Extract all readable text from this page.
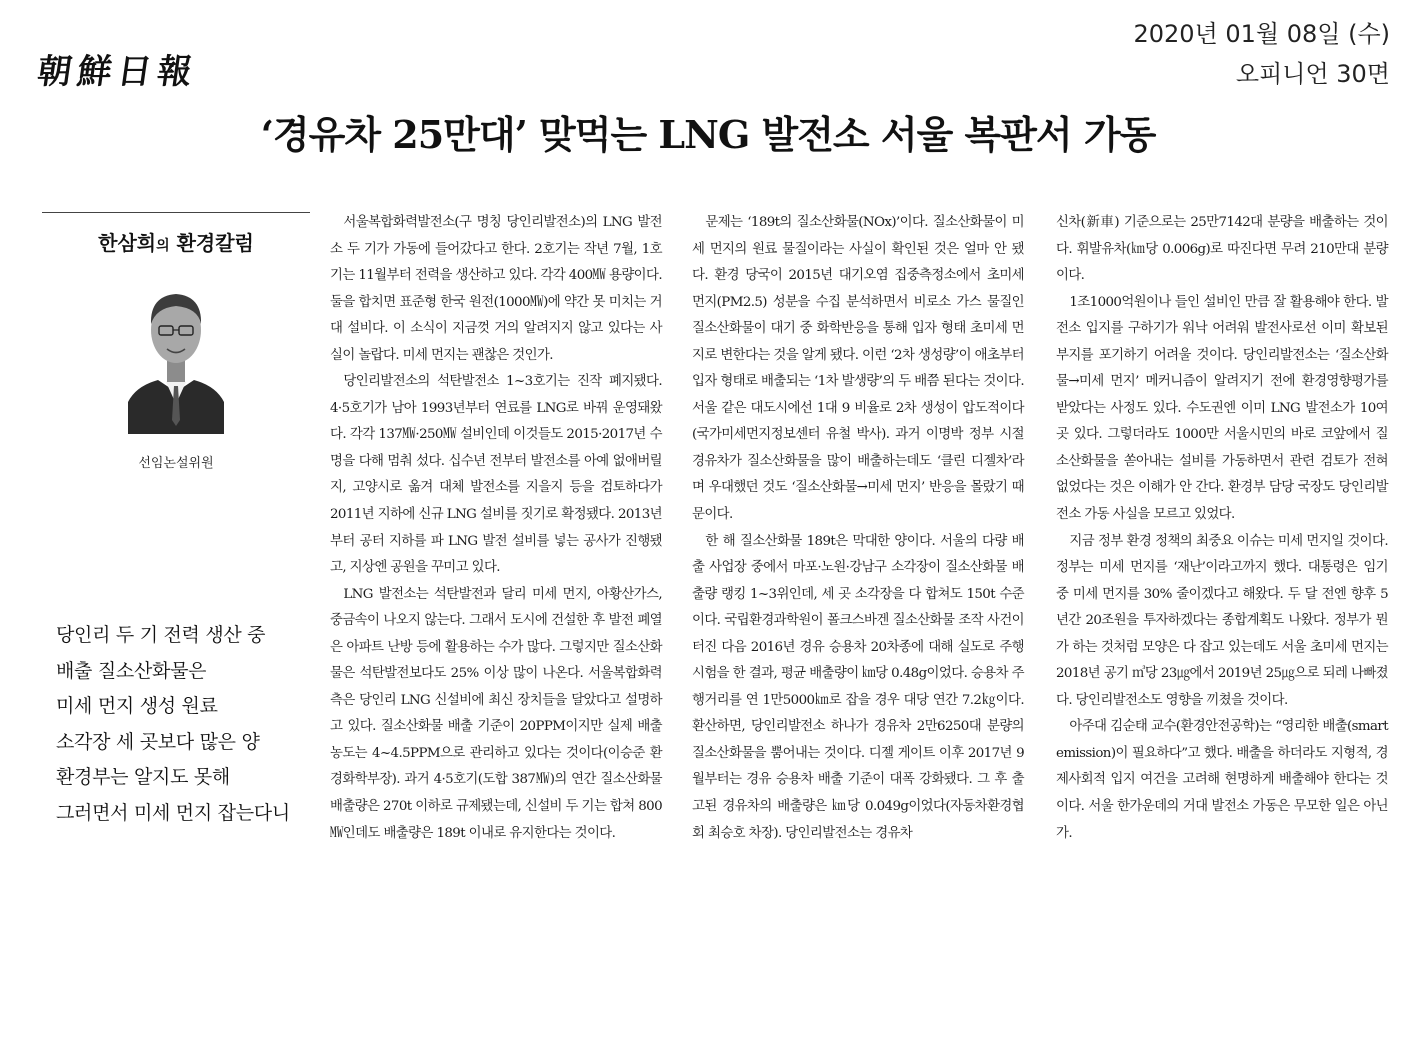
朝鮮日報
2020년 01월 08일 (수)
오피니언 30면
‘경유차 25만대’ 맞먹는 LNG 발전소 서울 복판서 가동
한삼희의 환경칼럼
선임논설위원
당인리 두 기 전력 생산 중
배출 질소산화물은
미세 먼지 생성 원료
소각장 세 곳보다 많은 양
환경부는 알지도 못해
그러면서 미세 먼지 잡는다니

서울복합화력발전소(구 명칭 당인리발전소)의 LNG 발전소 두 기가 가동에 들어갔다고 한다. 2호기는 작년 7월, 1호기는 11월부터 전력을 생산하고 있다. 각각 400㎿ 용량이다. 둘을 합치면 표준형 한국 원전(1000㎿)에 약간 못 미치는 거대 설비다. 이 소식이 지금껏 거의 알려지지 않고 있다는 사실이 놀랍다. 미세 먼지는 괜찮은 것인가.

당인리발전소의 석탄발전소 1~3호기는 진작 폐지됐다. 4·5호기가 남아 1993년부터 연료를 LNG로 바꿔 운영돼왔다. 각각 137㎿·250㎿ 설비인데 이것들도 2015·2017년 수명을 다해 멈춰 섰다. 십수년 전부터 발전소를 아예 없애버릴지, 고양시로 옮겨 대체 발전소를 지을지 등을 검토하다가 2011년 지하에 신규 LNG 설비를 짓기로 확정됐다. 2013년부터 공터 지하를 파 LNG 발전 설비를 넣는 공사가 진행됐고, 지상엔 공원을 꾸미고 있다.

LNG 발전소는 석탄발전과 달리 미세 먼지, 아황산가스, 중금속이 나오지 않는다. 그래서 도시에 건설한 후 발전 폐열은 아파트 난방 등에 활용하는 수가 많다. 그렇지만 질소산화물은 석탄발전보다도 25% 이상 많이 나온다. 서울복합화력 측은 당인리 LNG 신설비에 최신 장치들을 달았다고 설명하고 있다. 질소산화물 배출 기준이 20PPM이지만 실제 배출 농도는 4~4.5PPM으로 관리하고 있다는 것이다(이승준 환경화학부장). 과거 4·5호기(도합 387㎿)의 연간 질소산화물 배출량은 270t 이하로 규제됐는데, 신설비 두 기는 합쳐 800㎿인데도 배출량은 189t 이내로 유지한다는 것이다.

문제는 ‘189t의 질소산화물(NOx)’이다. 질소산화물이 미세 먼지의 원료 물질이라는 사실이 확인된 것은 얼마 안 됐다. 환경 당국이 2015년 대기오염 집중측정소에서 초미세 먼지(PM2.5) 성분을 수집 분석하면서 비로소 가스 물질인 질소산화물이 대기 중 화학반응을 통해 입자 형태 초미세 먼지로 변한다는 것을 알게 됐다. 이런 ‘2차 생성량’이 애초부터 입자 형태로 배출되는 ‘1차 발생량’의 두 배쯤 된다는 것이다. 서울 같은 대도시에선 1대 9 비율로 2차 생성이 압도적이다(국가미세먼지정보센터 유철 박사). 과거 이명박 정부 시절 경유차가 질소산화물을 많이 배출하는데도 ‘클린 디젤차’라며 우대했던 것도 ‘질소산화물→미세 먼지’ 반응을 몰랐기 때문이다.

한 해 질소산화물 189t은 막대한 양이다. 서울의 다량 배출 사업장 중에서 마포·노원·강남구 소각장이 질소산화물 배출량 랭킹 1~3위인데, 세 곳 소각장을 다 합쳐도 150t 수준이다. 국립환경과학원이 폴크스바겐 질소산화물 조작 사건이 터진 다음 2016년 경유 승용차 20차종에 대해 실도로 주행 시험을 한 결과, 평균 배출량이 ㎞당 0.48g이었다. 승용차 주행거리를 연 1만5000㎞로 잡을 경우 대당 연간 7.2㎏이다. 환산하면, 당인리발전소 하나가 경유차 2만6250대 분량의 질소산화물을 뿜어내는 것이다. 디젤 게이트 이후 2017년 9월부터는 경유 승용차 배출 기준이 대폭 강화됐다. 그 후 출고된 경유차의 배출량은 ㎞당 0.049g이었다(자동차환경협회 최승호 차장). 당인리발전소는 경유차

신차(新車) 기준으로는 25만7142대 분량을 배출하는 것이다. 휘발유차(㎞당 0.006g)로 따진다면 무려 210만대 분량이다.

1조1000억원이나 들인 설비인 만큼 잘 활용해야 한다. 발전소 입지를 구하기가 워낙 어려워 발전사로선 이미 확보된 부지를 포기하기 어려울 것이다. 당인리발전소는 ‘질소산화물→미세 먼지’ 메커니즘이 알려지기 전에 환경영향평가를 받았다는 사정도 있다. 수도권엔 이미 LNG 발전소가 10여곳 있다. 그렇더라도 1000만 서울시민의 바로 코앞에서 질소산화물을 쏟아내는 설비를 가동하면서 관련 검토가 전혀 없었다는 것은 이해가 안 간다. 환경부 담당 국장도 당인리발전소 가동 사실을 모르고 있었다.

지금 정부 환경 정책의 최중요 이슈는 미세 먼지일 것이다. 정부는 미세 먼지를 ‘재난’이라고까지 했다. 대통령은 임기 중 미세 먼지를 30% 줄이겠다고 해왔다. 두 달 전엔 향후 5년간 20조원을 투자하겠다는 종합계획도 나왔다. 정부가 뭔가 하는 것처럼 모양은 다 잡고 있는데도 서울 초미세 먼지는 2018년 공기 ㎥당 23㎍에서 2019년 25㎍으로 되레 나빠졌다. 당인리발전소도 영향을 끼쳤을 것이다.

아주대 김순태 교수(환경안전공학)는 “영리한 배출(smart emission)이 필요하다”고 했다. 배출을 하더라도 지형적, 경제사회적 입지 여건을 고려해 현명하게 배출해야 한다는 것이다. 서울 한가운데의 거대 발전소 가동은 무모한 일은 아닌가.
